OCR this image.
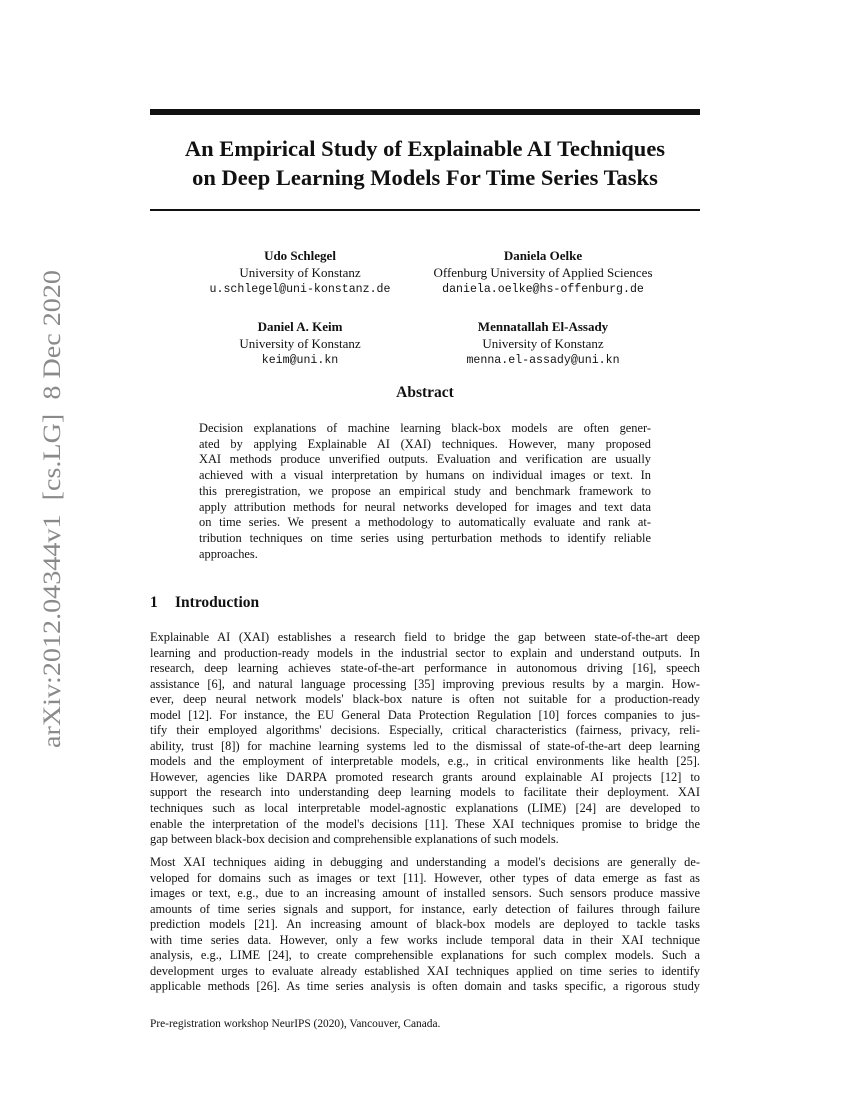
An Empirical Study of Explainable AI Techniques
on Deep Learning Models For Time Series Tasks
Udo Schlegel
University of Konstanz
u.schlegel@uni-konstanz.de
Daniela Oelke
Offenburg University of Applied Sciences
daniela.oelke@hs-offenburg.de
Daniel A. Keim
University of Konstanz
keim@uni.kn
Mennatallah El-Assady
University of Konstanz
menna.el-assady@uni.kn
Abstract
Decision explanations of machine learning black-box models are often gener-
ated by applying Explainable AI (XAI) techniques. However, many proposed
XAI methods produce unverified outputs. Evaluation and verification are usually
achieved with a visual interpretation by humans on individual images or text. In
this preregistration, we propose an empirical study and benchmark framework to
apply attribution methods for neural networks developed for images and text data
on time series. We present a methodology to automatically evaluate and rank at-
tribution techniques on time series using perturbation methods to identify reliable
approaches.
1 Introduction
Explainable AI (XAI) establishes a research field to bridge the gap between state-of-the-art deep
learning and production-ready models in the industrial sector to explain and understand outputs. In
research, deep learning achieves state-of-the-art performance in autonomous driving [16], speech
assistance [6], and natural language processing [35] improving previous results by a margin. How-
ever, deep neural network models' black-box nature is often not suitable for a production-ready
model [12]. For instance, the EU General Data Protection Regulation [10] forces companies to jus-
tify their employed algorithms' decisions. Especially, critical characteristics (fairness, privacy, reli-
ability, trust [8]) for machine learning systems led to the dismissal of state-of-the-art deep learning
models and the employment of interpretable models, e.g., in critical environments like health [25].
However, agencies like DARPA promoted research grants around explainable AI projects [12] to
support the research into understanding deep learning models to facilitate their deployment. XAI
techniques such as local interpretable model-agnostic explanations (LIME) [24] are developed to
enable the interpretation of the model's decisions [11]. These XAI techniques promise to bridge the
gap between black-box decision and comprehensible explanations of such models.
Most XAI techniques aiding in debugging and understanding a model's decisions are generally de-
veloped for domains such as images or text [11]. However, other types of data emerge as fast as
images or text, e.g., due to an increasing amount of installed sensors. Such sensors produce massive
amounts of time series signals and support, for instance, early detection of failures through failure
prediction models [21]. An increasing amount of black-box models are deployed to tackle tasks
with time series data. However, only a few works include temporal data in their XAI technique
analysis, e.g., LIME [24], to create comprehensible explanations for such complex models. Such a
development urges to evaluate already established XAI techniques applied on time series to identify
applicable methods [26]. As time series analysis is often domain and tasks specific, a rigorous study
Pre-registration workshop NeurIPS (2020), Vancouver, Canada.
arXiv:2012.04344v1  [cs.LG]  8 Dec 2020
